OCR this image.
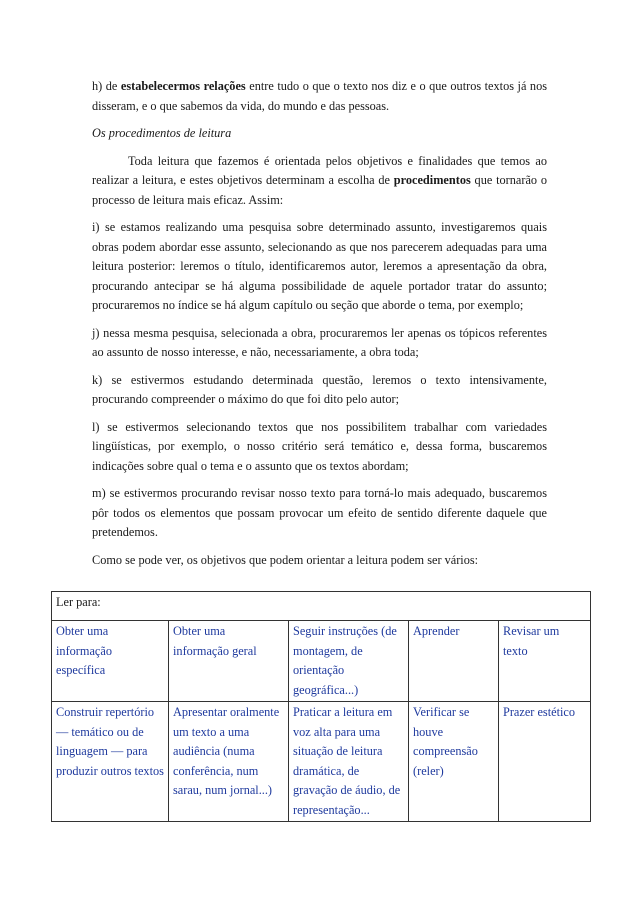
h) de estabelecermos relações entre tudo o que o texto nos diz e o que outros textos já nos disseram, e o que sabemos da vida, do mundo e das pessoas.

Os procedimentos de leitura

Toda leitura que fazemos é orientada pelos objetivos e finalidades que temos ao realizar a leitura, e estes objetivos determinam a escolha de procedimentos que tornarão o processo de leitura mais eficaz. Assim:

i) se estamos realizando uma pesquisa sobre determinado assunto, investigaremos quais obras podem abordar esse assunto, selecionando as que nos parecerem adequadas para uma leitura posterior: leremos o título, identificaremos autor, leremos a apresentação da obra, procurando antecipar se há alguma possibilidade de aquele portador tratar do assunto; procuraremos no índice se há algum capítulo ou seção que aborde o tema, por exemplo;

j) nessa mesma pesquisa, selecionada a obra, procuraremos ler apenas os tópicos referentes ao assunto de nosso interesse, e não, necessariamente, a obra toda;

k) se estivermos estudando determinada questão, leremos o texto intensivamente, procurando compreender o máximo do que foi dito pelo autor;

l) se estivermos selecionando textos que nos possibilitem trabalhar com variedades lingüísticas, por exemplo, o nosso critério será temático e, dessa forma, buscaremos indicações sobre qual o tema e o assunto que os textos abordam;

m) se estivermos procurando revisar nosso texto para torná-lo mais adequado, buscaremos pôr todos os elementos que possam provocar um efeito de sentido diferente daquele que pretendemos.

Como se pode ver, os objetivos que podem orientar a leitura podem ser vários:

Ler para:				
Obter uma informação específica	Obter uma informação geral	Seguir instruções (de montagem, de orientação geográfica...)	Aprender	Revisar um texto
Construir repertório — temático ou de linguagem — para produzir outros textos	Apresentar oralmente um texto a uma audiência (numa conferência, num sarau, num jornal...)	Praticar a leitura em voz alta para uma situação de leitura dramática, de gravação de áudio, de representação...	Verificar se houve compreensão (reler)	Prazer estético
